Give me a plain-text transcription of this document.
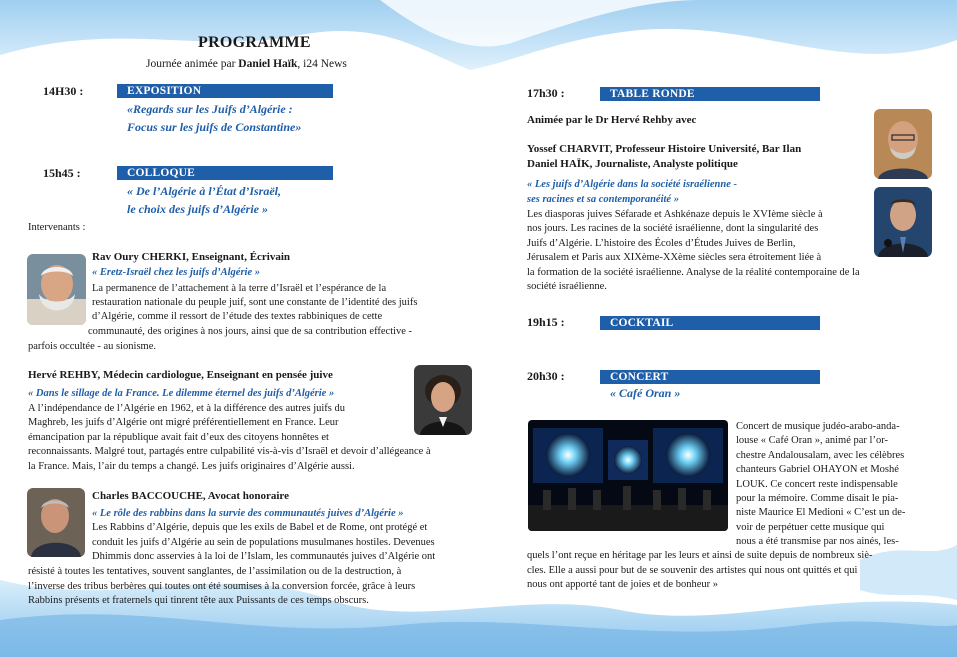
PROGRAMME
Journée animée par Daniel Haïk, i24 News
14H30 :	EXPOSITION
«Regards sur les Juifs d’Algérie :
Focus sur les juifs de Constantine»
15h45 :	COLLOQUE
« De l’Algérie à l’État d’Israël,
le choix des juifs d’Algérie »
Intervenants :
Rav Oury CHERKI, Enseignant, Écrivain
« Eretz-Israël chez les juifs d’Algérie »
La permanence de l’attachement à la terre d’Israël et l’espérance de la
restauration nationale du peuple juif, sont une constante de l’identité des juifs
d’Algérie, comme il ressort de l’étude des textes rabbiniques de cette
communauté, des origines à nos jours, ainsi que de sa contribution effective -
parfois occultée - au sionisme.
Hervé REHBY, Médecin cardiologue, Enseignant en pensée juive
« Dans le sillage de la France. Le dilemme éternel des juifs d’Algérie »
A l’indépendance de l’Algérie en 1962, et à la différence des autres juifs du
Maghreb, les juifs d’Algérie ont migré préférentiellement en France. Leur
émancipation par la république avait fait d’eux des citoyens honnêtes et
reconnaissants. Malgré tout, partagés entre culpabilité vis-à-vis d’Israël et devoir d’allégeance à
la France. Mais, l’air du temps a changé. Les juifs originaires d’Algérie aussi.
Charles BACCOUCHE, Avocat honoraire
« Le rôle des rabbins dans la survie des communautés juives d’Algérie »
Les Rabbins d’Algérie, depuis que les exils de Babel et de Rome, ont protégé et
conduit les juifs d’Algérie au sein de populations musulmanes hostiles. Devenues
Dhimmis donc asservies à la loi de l’Islam, les communautés juives d’Algérie ont
résisté à toutes les tentatives, souvent sanglantes, de l’assimilation ou de la destruction, à
l’inverse des tribus berbères qui toutes ont été soumises à la conversion forcée, grâce à leurs
Rabbins présents et fraternels qui tinrent tête aux Puissants de ces temps obscurs.
17h30 :	TABLE RONDE
Animée par le Dr Hervé Rehby avec
Yossef CHARVIT, Professeur Histoire Université, Bar Ilan
Daniel HAÏK, Journaliste, Analyste politique
« Les juifs d’Algérie dans la société israélienne -
ses racines et sa contemporanéité »
Les diasporas juives Séfarade et Ashkénaze depuis le XVIème siècle à
nos jours. Les racines de la société israélienne, dont la singularité des
Juifs d’Algérie. L’histoire des Écoles d’Études Juives de Berlin,
Jérusalem et Paris aux XIXème-XXème siècles sera étroitement liée à
la formation de la société israélienne. Analyse de la réalité contemporaine de la
société israélienne.
19h15 :	COCKTAIL
20h30 :	CONCERT
« Café Oran »
Concert de musique judéo-arabo-anda-
louse « Café Oran », animé par l’or-
chestre Andalousalam, avec les célèbres
chanteurs Gabriel OHAYON et Moshé
LOUK. Ce concert reste indispensable
pour la mémoire. Comme disait le pia-
niste Maurice El Medioni « C’est un de-
voir de perpétuer cette musique qui
nous a été transmise par nos ainés, les-
quels l’ont reçue en héritage par les leurs et ainsi de suite depuis de nombreux siè-
cles. Elle a aussi pour but de se souvenir des artistes qui nous ont quittés et qui
nous ont apporté tant de joies et de bonheur »
